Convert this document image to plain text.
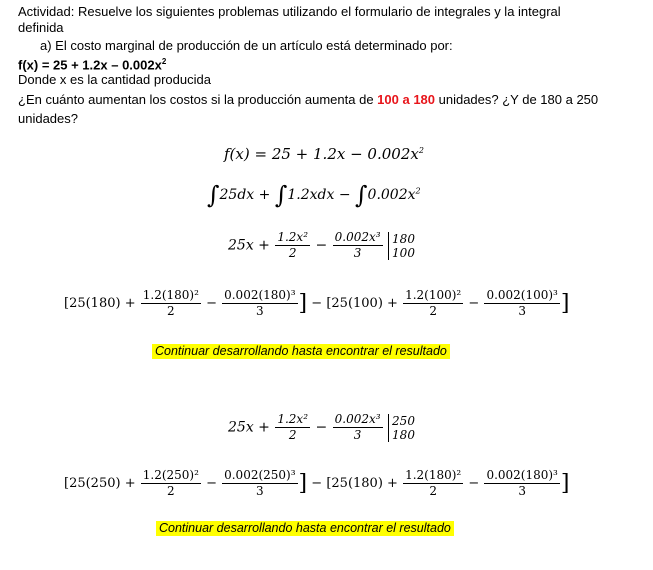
Actividad: Resuelve los siguientes problemas utilizando el formulario de integrales y la integral
definida
a) El costo marginal de producción de un artículo está determinado por:
$f(x) = 25 + 1.2x - 0.002x^2$
Donde x es la cantidad producida
¿En cuánto aumentan los costos si la producción aumenta de 100 a 180 unidades? ¿Y de 180 a 250
unidades?
$f(x) = 25 + 1.2x - 0.002x^2$
$\int 25dx + \int 1.2xdx - \int 0.002x^2$
$25x + \frac{\text{1.2x²}}{2} - \frac{\text{0.002x³}}{3}$
180
100
[$25(180) + \frac{\text{1.2(180)²}}{2} - \frac{\text{0.002(180)³}}{3}$ ] − [$25(100) + \frac{\text{1.2(100)²}}{2} - \frac{\text{0.002(100)³}}{3}$ ]
Continuar desarrollando hasta encontrar el resultado
$25x + \frac{\text{1.2x²}}{2} - \frac{\text{0.002x³}}{3}$
250
180
[$25(250) + \frac{\text{1.2(250)²}}{2} - \frac{\text{0.002(250)³}}{3}$ ] − [$25(180) + \frac{\text{1.2(180)²}}{2} - \frac{\text{0.002(180)³}}{3}$ ]
Continuar desarrollando hasta encontrar el resultado
